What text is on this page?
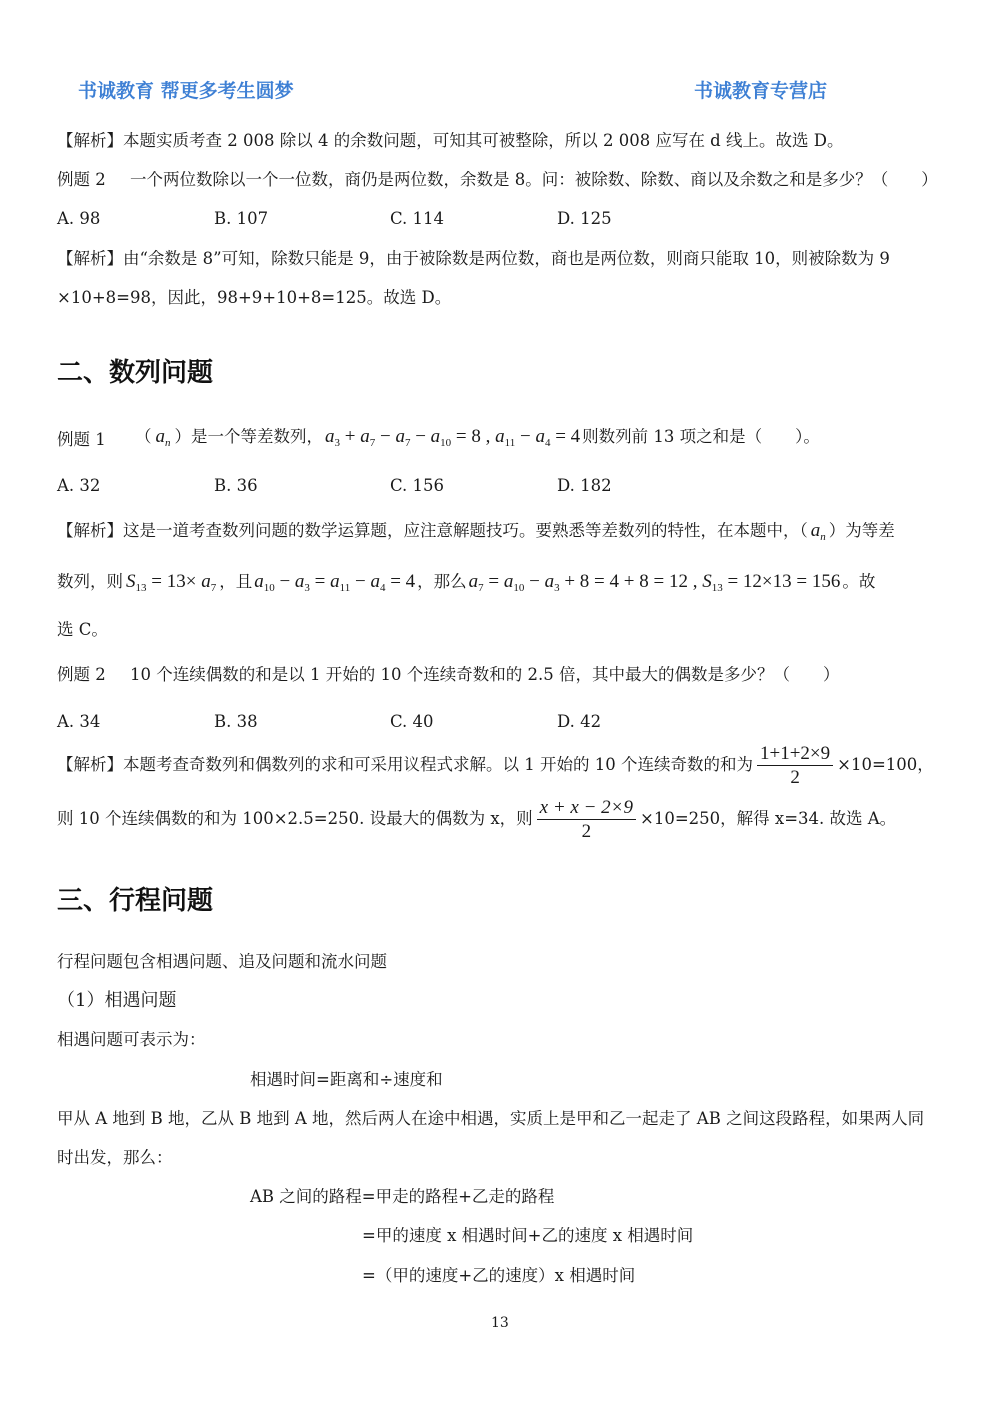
书诚教育 帮更多考生圆梦	书诚教育专营店
【解析】本题实质考查 2 008 除以 4 的余数问题，可知其可被整除，所以 2 008 应写在 d 线上。故选 D。
例题 2 一个两位数除以一个一位数，商仍是两位数，余数是 8。问：被除数、除数、商以及余数之和是多少？（　　）
A. 98	B. 107	C. 114	D. 125
【解析】由“余数是 8”可知，除数只能是 9，由于被除数是两位数，商也是两位数，则商只能取 10，则被除数为 9
×10+8=98，因此，98+9+10+8=125。故选 D。
二、数列问题
例题 1 （ $a_n$ ）是一个等差数列， $a_3 + a_7 - a_7 - a_{10} = 8$ , $a_{11} - a_4 = 4$ 则数列前 13 项之和是（　　）。
A. 32	B. 36	C. 156	D. 182
【解析】这是一道考查数列问题的数学运算题，应注意解题技巧。要熟悉等差数列的特性，在本题中，（ $a_n$ ）为等差
数列，则 $S_{13} = 13\times a_7$ ，且 $a_{10} - a_3 = a_{11} - a_4 = 4$ ，那么 $a_7 = a_{10} - a_3 + 8 = 4 + 8 = 12$ , $S_{13} = 12\times 13 = 156$ 。故
选 C。
例题 2 10 个连续偶数的和是以 1 开始的 10 个连续奇数和的 2.5 倍，其中最大的偶数是多少？（　　）
A. 34	B. 38	C. 40	D. 42
【解析】本题考查奇数列和偶数列的求和可采用议程式求解。以 1 开始的 10 个连续奇数的和为 $\frac{1+1+2\times 9}{2} \times 10=100$，
则 10 个连续偶数的和为 100×2.5=250. 设最大的偶数为 x，则 $\frac{x + x - 2\times 9}{2} \times 10=250$，解得 x=34. 故选 A。
三、行程问题
行程问题包含相遇问题、追及问题和流水问题
（1）相遇问题
相遇问题可表示为：
相遇时间=距离和÷速度和
甲从 A 地到 B 地，乙从 B 地到 A 地，然后两人在途中相遇，实质上是甲和乙一起走了 AB 之间这段路程，如果两人同
时出发，那么：
AB 之间的路程=甲走的路程+乙走的路程
=甲的速度 x 相遇时间+乙的速度 x 相遇时间
=（甲的速度+乙的速度）x 相遇时间
13
